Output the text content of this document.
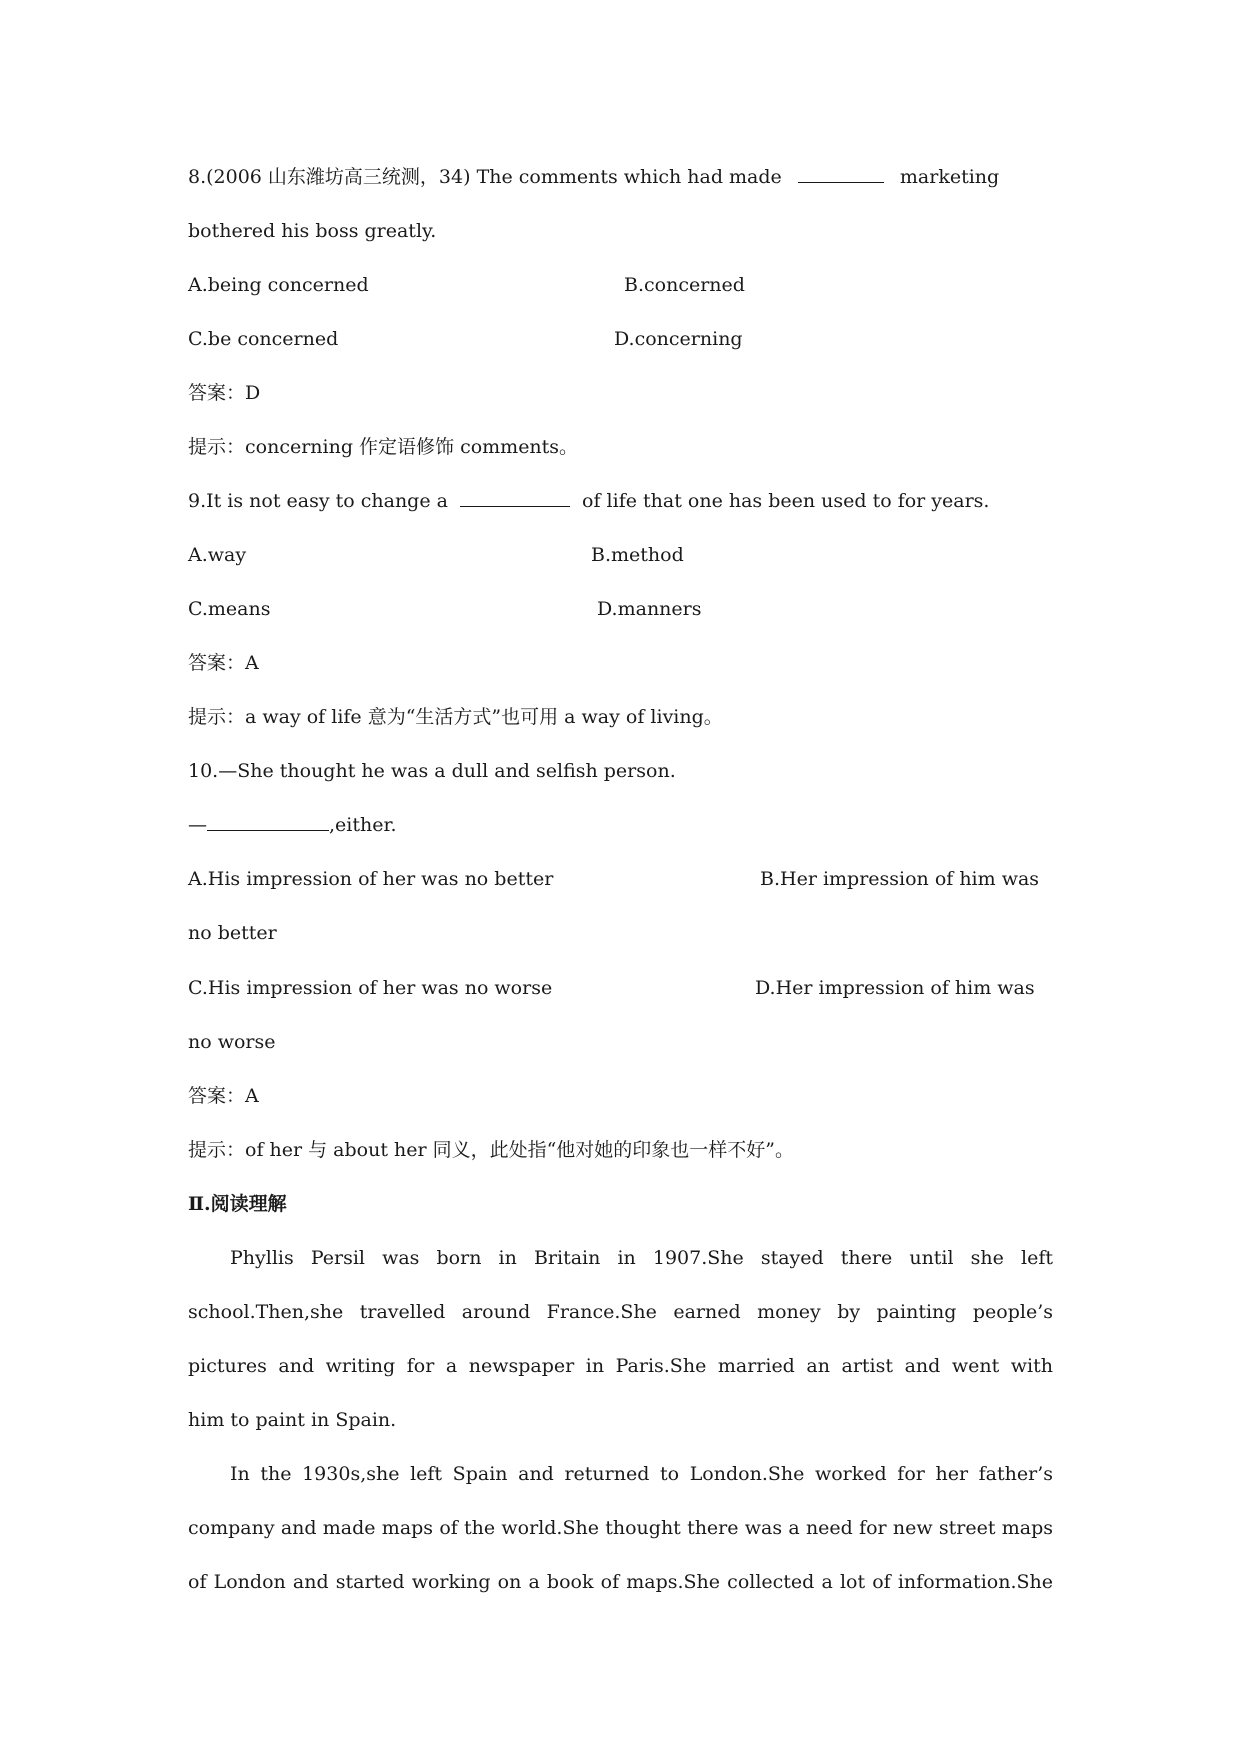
8.(2006 山东潍坊高三统测，34) The comments which had made	marketing
bothered his boss greatly.
A.being concerned	B.concerned
C.be concerned	D.concerning
答案：D
提示：concerning 作定语修饰 comments。
9.It is not easy to change a	of life that one has been used to for years.
A.way	B.method
C.means	D.manners
答案：A
提示：a way of life 意为“生活方式”也可用 a way of living。
10.—She thought he was a dull and selfish person.
—	,either.
A.His impression of her was no better	B.Her impression of him was
no better
C.His impression of her was no worse	D.Her impression of him was
no worse
答案：A
提示：of her 与 about her 同义，此处指“他对她的印象也一样不好”。
Ⅱ.阅读理解
Phyllis Persil was born in Britain in 1907.She stayed there until she left
school.Then,she travelled around France.She earned money by painting people’s
pictures and writing for a newspaper in Paris.She married an artist and went with
him to paint in Spain.
In the 1930s,she left Spain and returned to London.She worked for her father’s
company and made maps of the world.She thought there was a need for new street maps
of London and started working on a book of maps.She collected a lot of information.She
